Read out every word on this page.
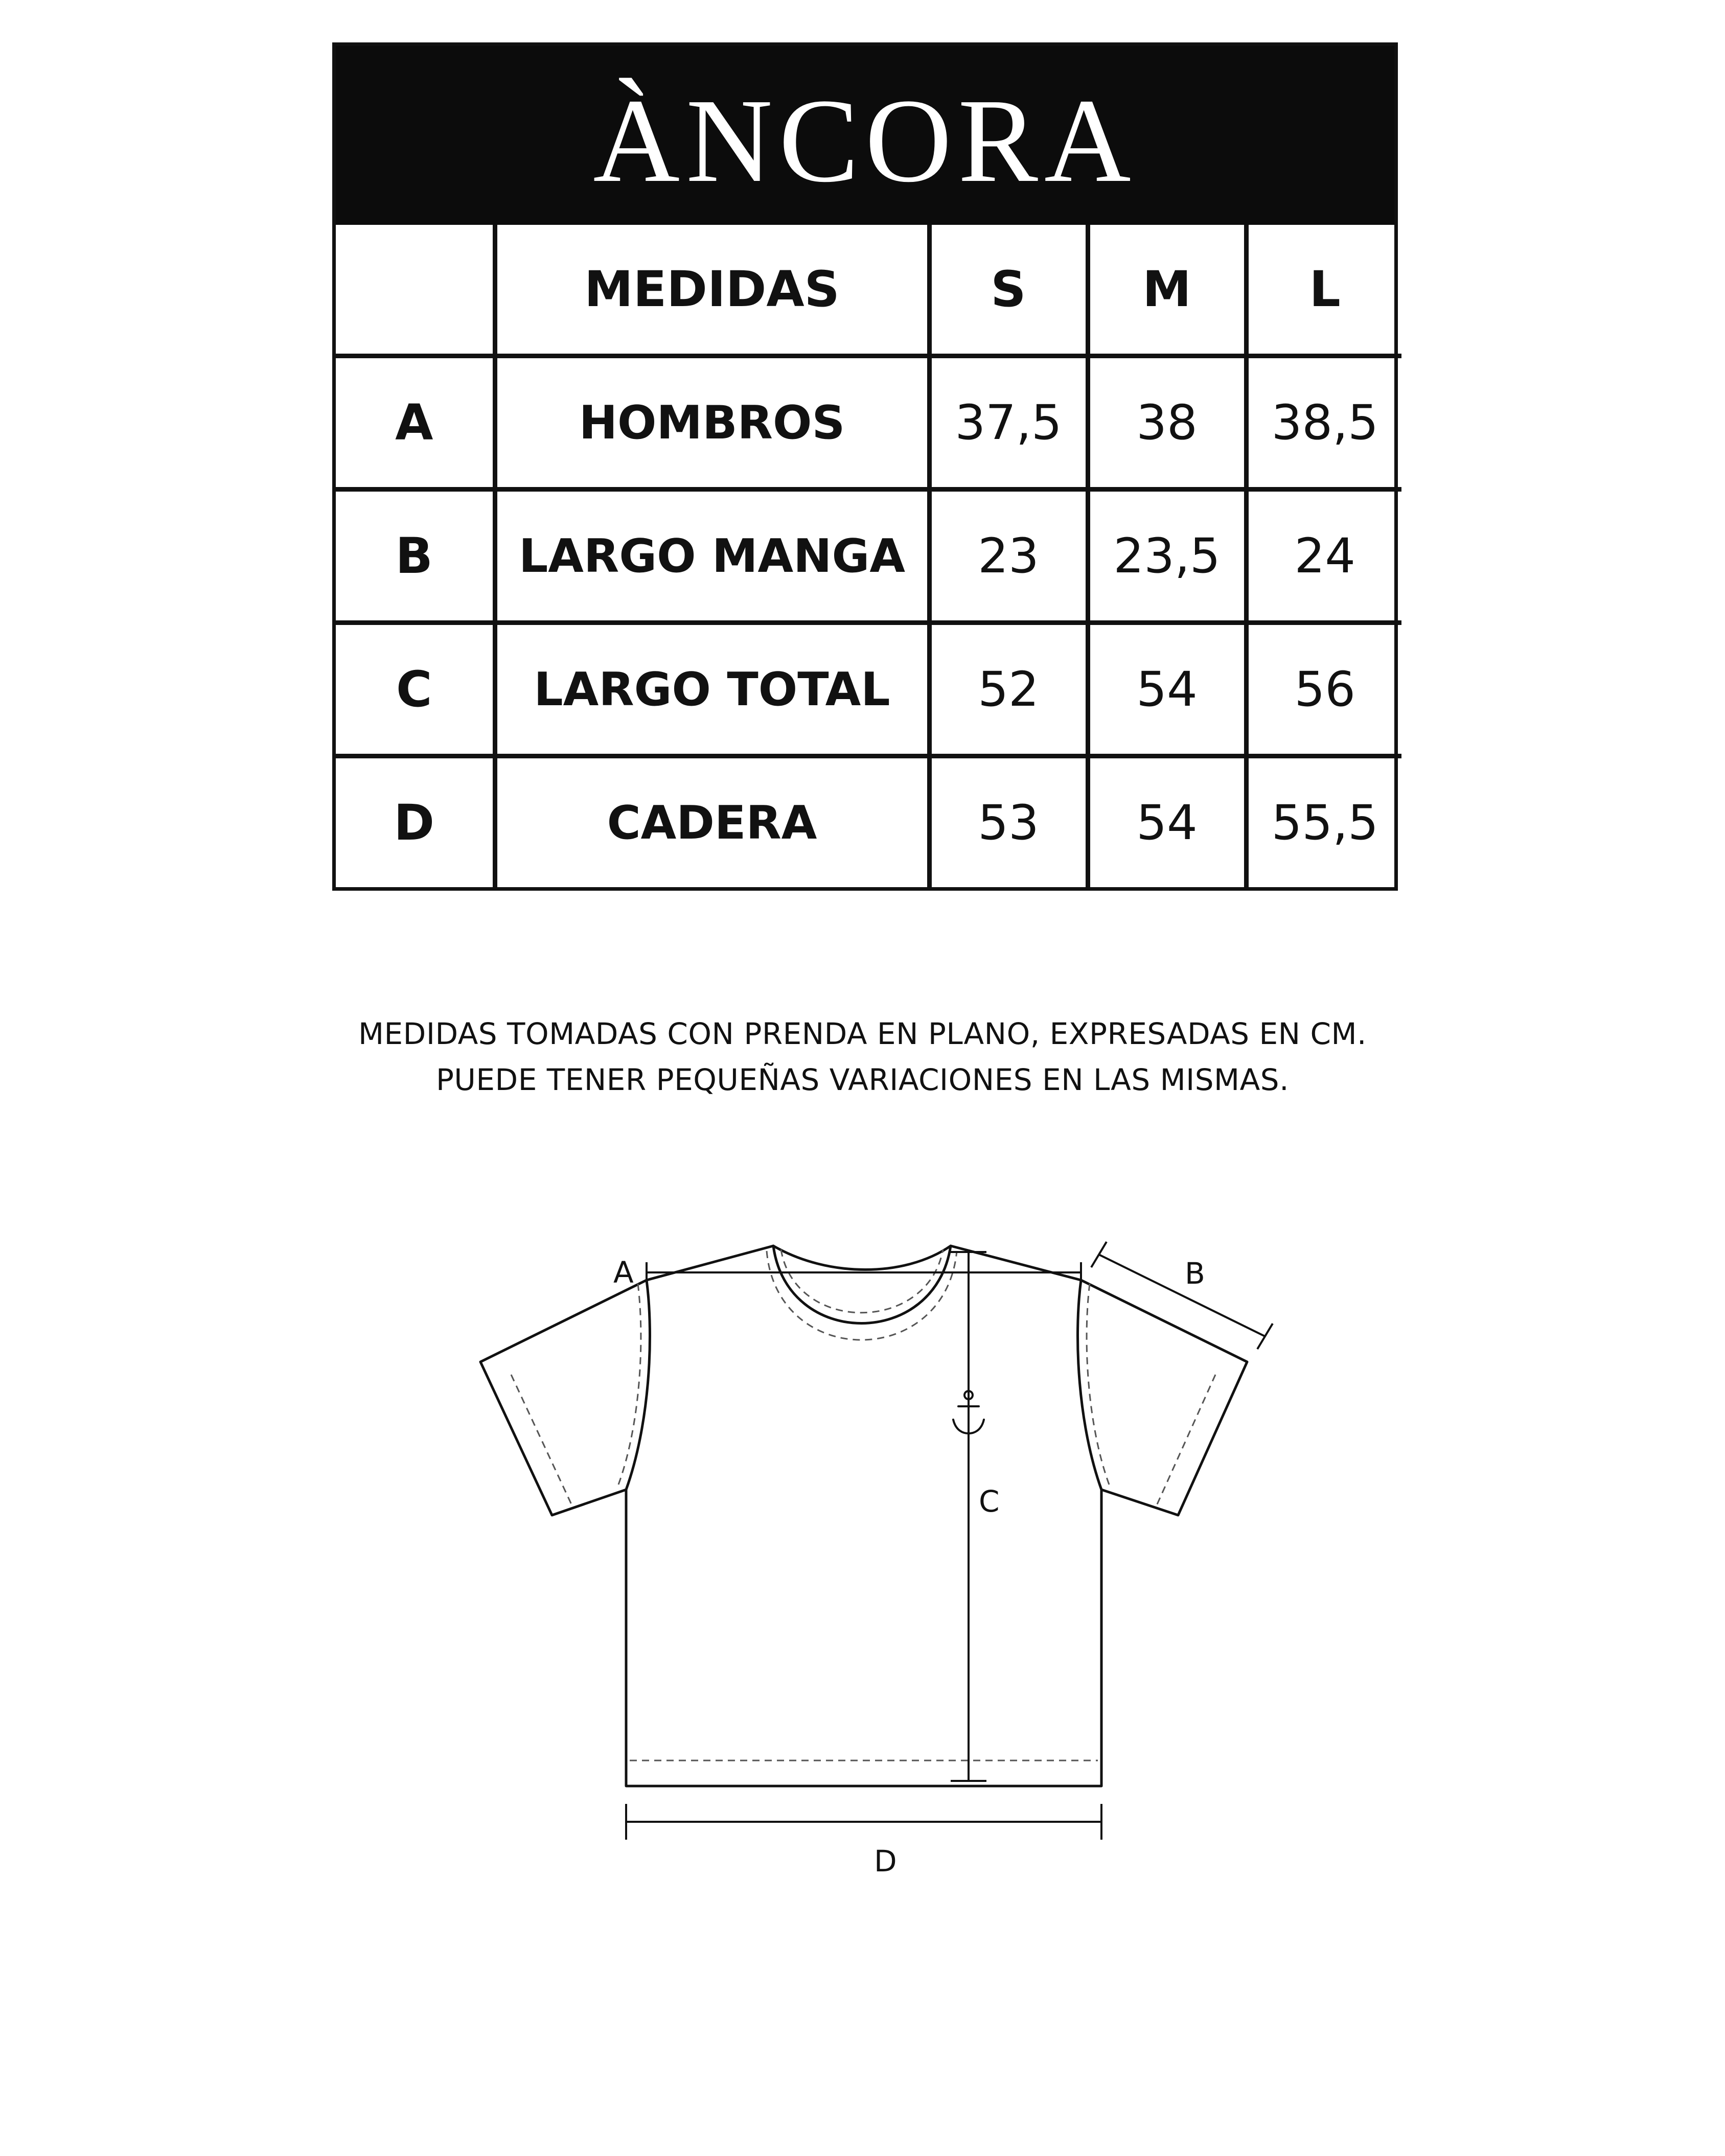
ÀNCORA
	MEDIDAS	S	M	L
A	HOMBROS	37,5	38	38,5
B	LARGO MANGA	23	23,5	24
C	LARGO TOTAL	52	54	56
D	CADERA	53	54	55,5
MEDIDAS TOMADAS CON PRENDA EN PLANO, EXPRESADAS EN CM.
PUEDE TENER PEQUEÑAS VARIACIONES EN LAS MISMAS.
A	B
C
D
